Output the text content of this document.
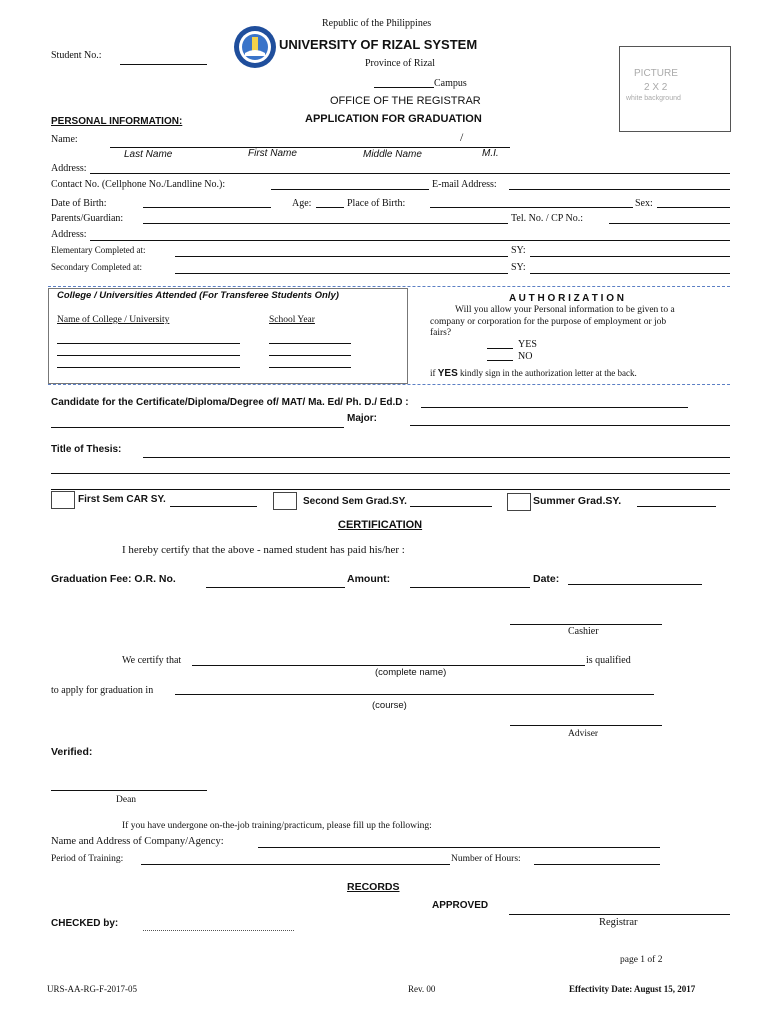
Republic of the Philippines
UNIVERSITY OF RIZAL SYSTEM
Student No.:
Province of Rizal
Campus
OFFICE OF THE REGISTRAR
APPLICATION FOR GRADUATION
PICTURE
2 X 2
white background
PERSONAL INFORMATION:
Name:	/
Last Name	First Name	Middle Name	M.I.
Address:
Contact No. (Cellphone No./Landline No.):	E-mail Address:
Date of Birth:	Age:	Place of Birth:	Sex:
Parents/Guardian:	Tel. No. / CP No.:
Address:
Elementary Completed at:	SY:
Secondary Completed at:	SY:
College / Universities Attended (For Transferee Students Only)
Name of College / University	School Year
A U T H O R I Z A T I O N
Will you allow your Personal information to be given to a
company or corporation for the purpose of employment or job
fairs?
YES
NO
if YES kindly sign in the authorization letter at the back.
Candidate for the Certificate/Diploma/Degree of/ MAT/ Ma. Ed/ Ph. D./ Ed.D :
Major:
Title of Thesis:
First Sem CAR SY.	Second Sem Grad.SY.	Summer Grad.SY.
CERTIFICATION
I hereby certify that the above - named student has paid his/her :
Graduation Fee: O.R. No.	Amount:	Date:
Cashier
We certify that	is qualified
(complete name)
to apply for graduation in
(course)
Adviser
Verified:
Dean
If you have undergone on-the-job training/practicum, please fill up the following:
Name and Address of Company/Agency:
Period of Training:	Number of Hours:
RECORDS
APPROVED
Registrar
CHECKED by:
page 1 of 2
URS-AA-RG-F-2017-05	Rev. 00	Effectivity Date: August 15, 2017
